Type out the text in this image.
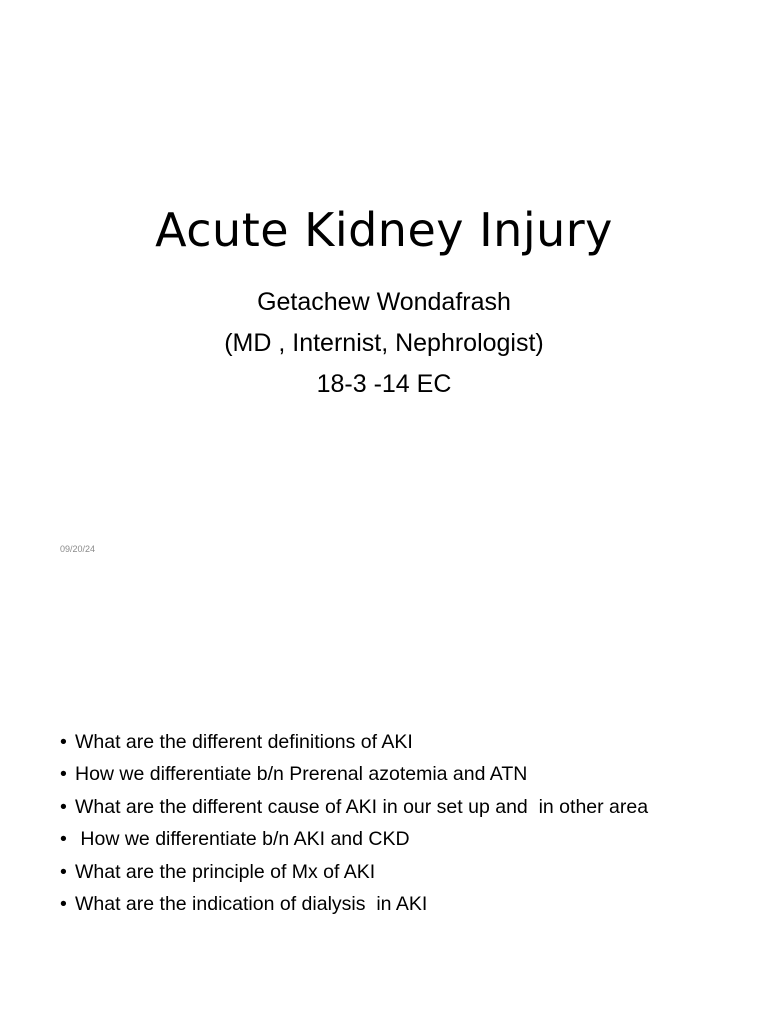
Acute Kidney Injury
Getachew Wondafrash
(MD , Internist, Nephrologist)
18-3 -14 EC
09/20/24
• What are the different definitions of AKI
• How we differentiate b/n Prerenal azotemia and ATN
• What are the different cause of AKI in our set up and  in other area
• How we differentiate b/n AKI and CKD
• What are the principle of Mx of AKI
• What are the indication of dialysis  in AKI
